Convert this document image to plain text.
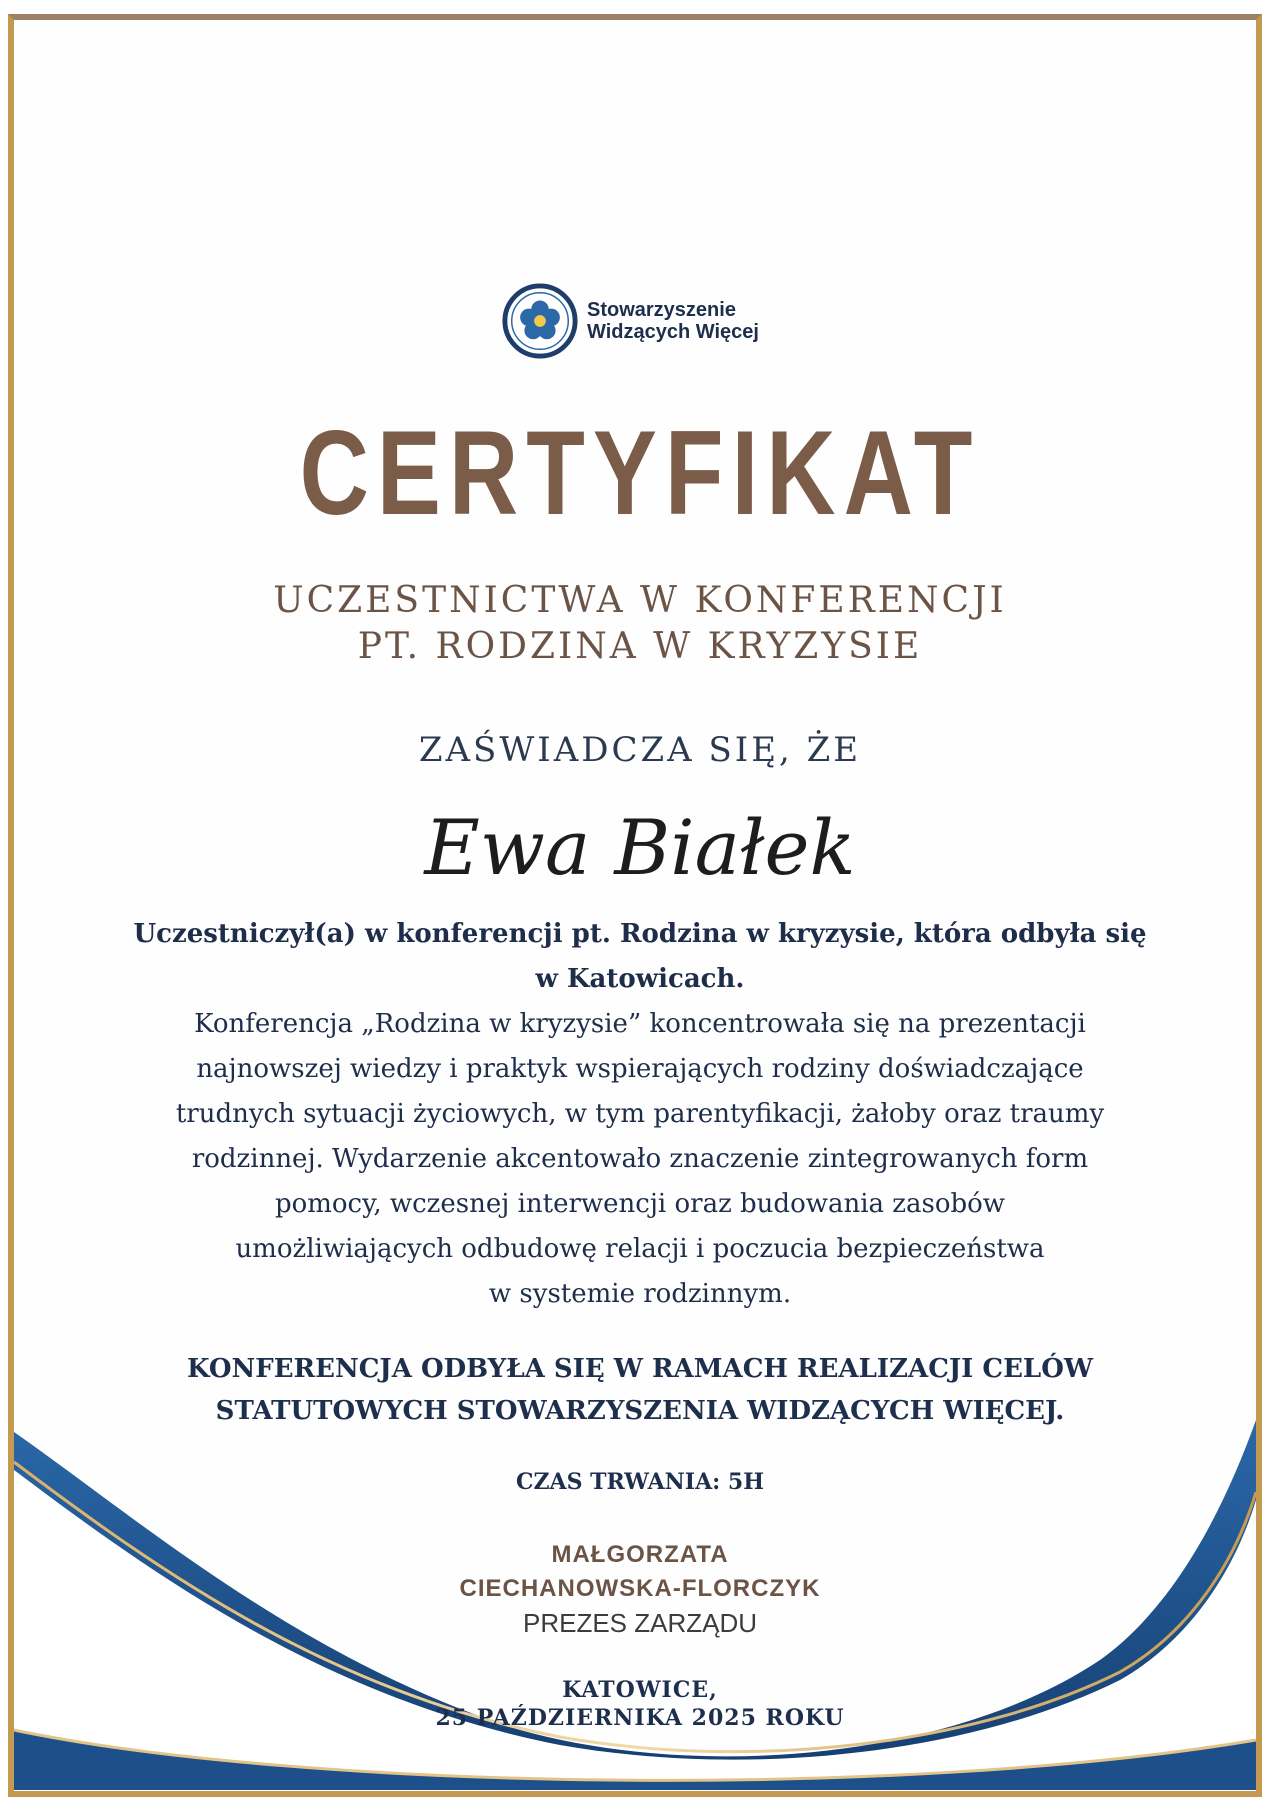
Stowarzyszenie
Widzących Więcej
CERTYFIKAT
UCZESTNICTWA W KONFERENCJI
PT. RODZINA W KRYZYSIE
ZAŚWIADCZA SIĘ, ŻE
Ewa Białek
Uczestniczył(a) w konferencji pt. Rodzina w kryzysie, która odbyła się
w Katowicach.
Konferencja „Rodzina w kryzysie” koncentrowała się na prezentacji
najnowszej wiedzy i praktyk wspierających rodziny doświadczające
trudnych sytuacji życiowych, w tym parentyfikacji, żałoby oraz traumy
rodzinnej. Wydarzenie akcentowało znaczenie zintegrowanych form
pomocy, wczesnej interwencji oraz budowania zasobów
umożliwiających odbudowę relacji i poczucia bezpieczeństwa
w systemie rodzinnym.
KONFERENCJA ODBYŁA SIĘ W RAMACH REALIZACJI CELÓW
STATUTOWYCH STOWARZYSZENIA WIDZĄCYCH WIĘCEJ.
CZAS TRWANIA: 5H
MAŁGORZATA
CIECHANOWSKA-FLORCZYK
PREZES ZARZĄDU
KATOWICE,
25 PAŹDZIERNIKA 2025 ROKU
